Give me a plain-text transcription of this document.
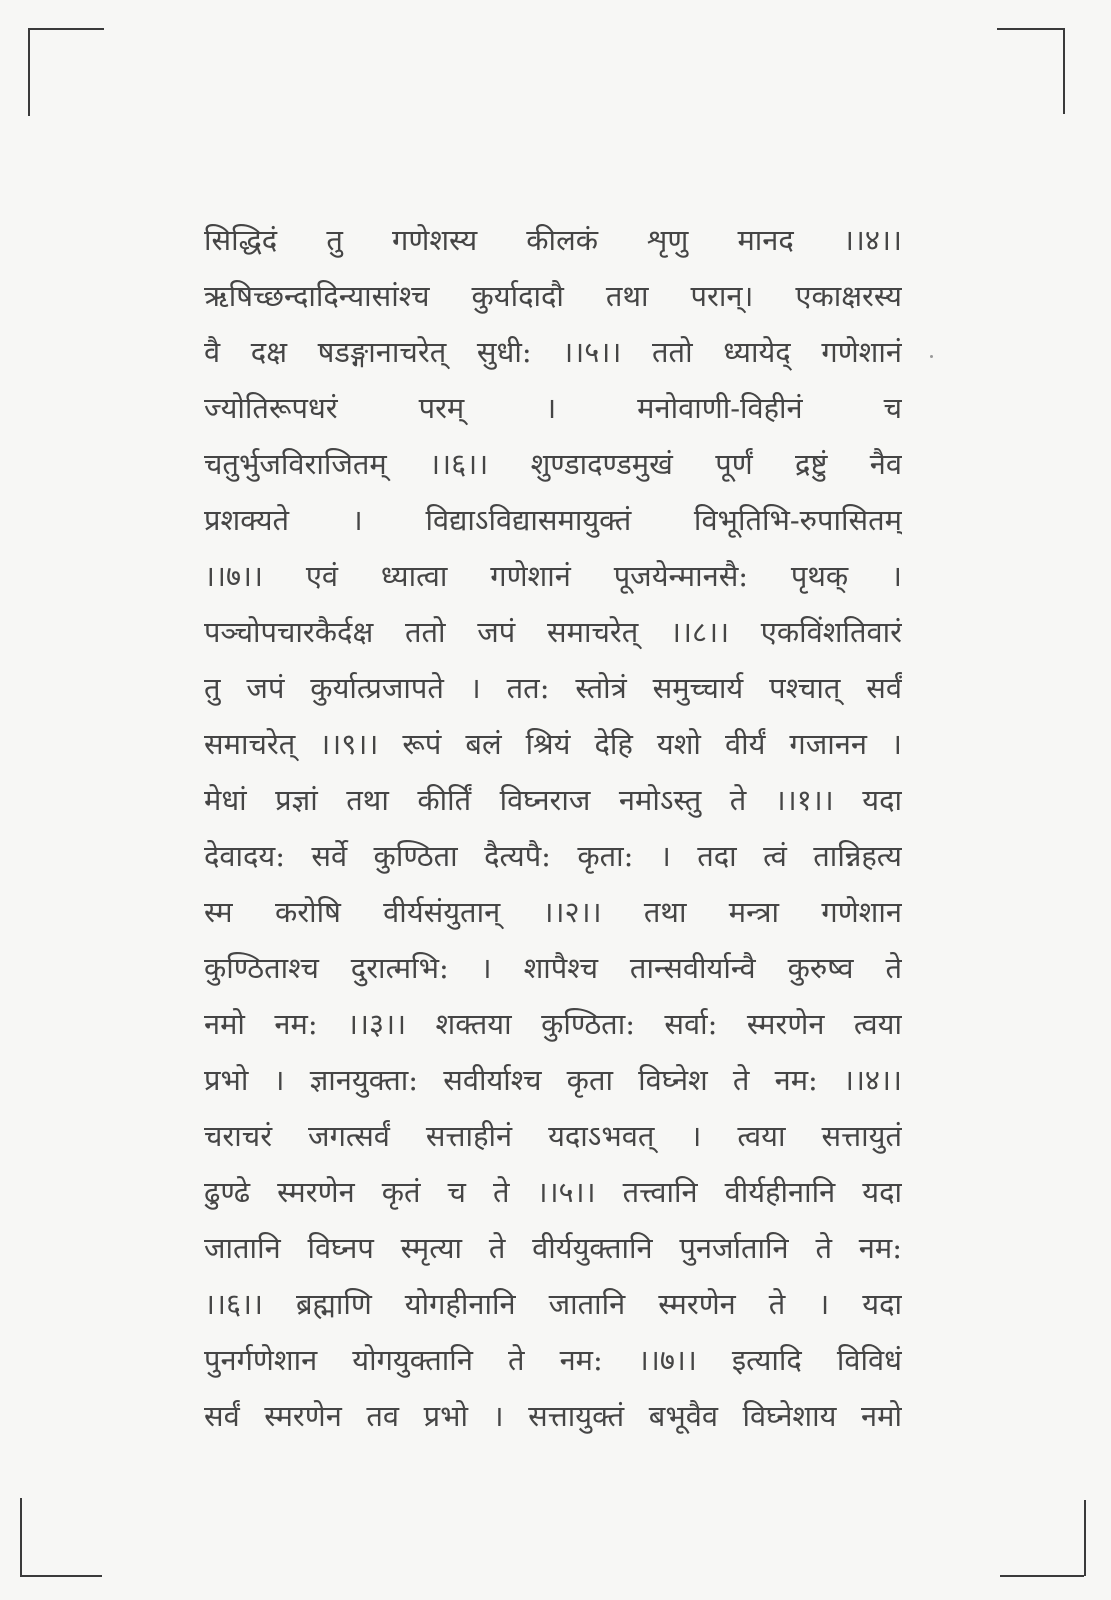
सिद्धिदं तु गणेशस्य कीलकं शृणु मानद ।।४।।
ऋषिच्छन्दादिन्यासांश्च कुर्यादादौ तथा परान्। एकाक्षरस्य
वै दक्ष षडङ्गानाचरेत् सुधी: ।।५।। ततो ध्यायेद् गणेशानं
ज्योतिरूपधरं परम् । मनोवाणी-विहीनं च
चतुर्भुजविराजितम् ।।६।। शुण्डादण्डमुखं पूर्णं द्रष्टुं नैव
प्रशक्यते । विद्याऽविद्यासमायुक्तं विभूतिभि-रुपासितम्
।।७।। एवं ध्यात्वा गणेशानं पूजयेन्मानसै: पृथक् ।
पञ्चोपचारकैर्दक्ष ततो जपं समाचरेत् ।।८।। एकविंशतिवारं
तु जपं कुर्यात्प्रजापते । तत: स्तोत्रं समुच्चार्य पश्चात् सर्वं
समाचरेत् ।।९।। रूपं बलं श्रियं देहि यशो वीर्यं गजानन ।
मेधां प्रज्ञां तथा कीर्तिं विघ्नराज नमोऽस्तु ते ।।१।। यदा
देवादय: सर्वे कुण्ठिता दैत्यपै: कृता: । तदा त्वं तान्निहत्य
स्म करोषि वीर्यसंयुतान् ।।२।। तथा मन्त्रा गणेशान
कुण्ठिताश्च दुरात्मभि: । शापैश्च तान्सवीर्यान्वै कुरुष्व ते
नमो नम: ।।३।। शक्तया कुण्ठिता: सर्वा: स्मरणेन त्वया
प्रभो । ज्ञानयुक्ता: सवीर्याश्च कृता विघ्नेश ते नम: ।।४।।
चराचरं जगत्सर्वं सत्ताहीनं यदाऽभवत् । त्वया सत्तायुतं
ढुण्ढे स्मरणेन कृतं च ते ।।५।। तत्त्वानि वीर्यहीनानि यदा
जातानि विघ्नप स्मृत्या ते वीर्ययुक्तानि पुनर्जातानि ते नम:
।।६।। ब्रह्माणि योगहीनानि जातानि स्मरणेन ते । यदा
पुनर्गणेशान योगयुक्तानि ते नम: ।।७।। इत्यादि विविधं
सर्वं स्मरणेन तव प्रभो । सत्तायुक्तं बभूवैव विघ्नेशाय नमो
